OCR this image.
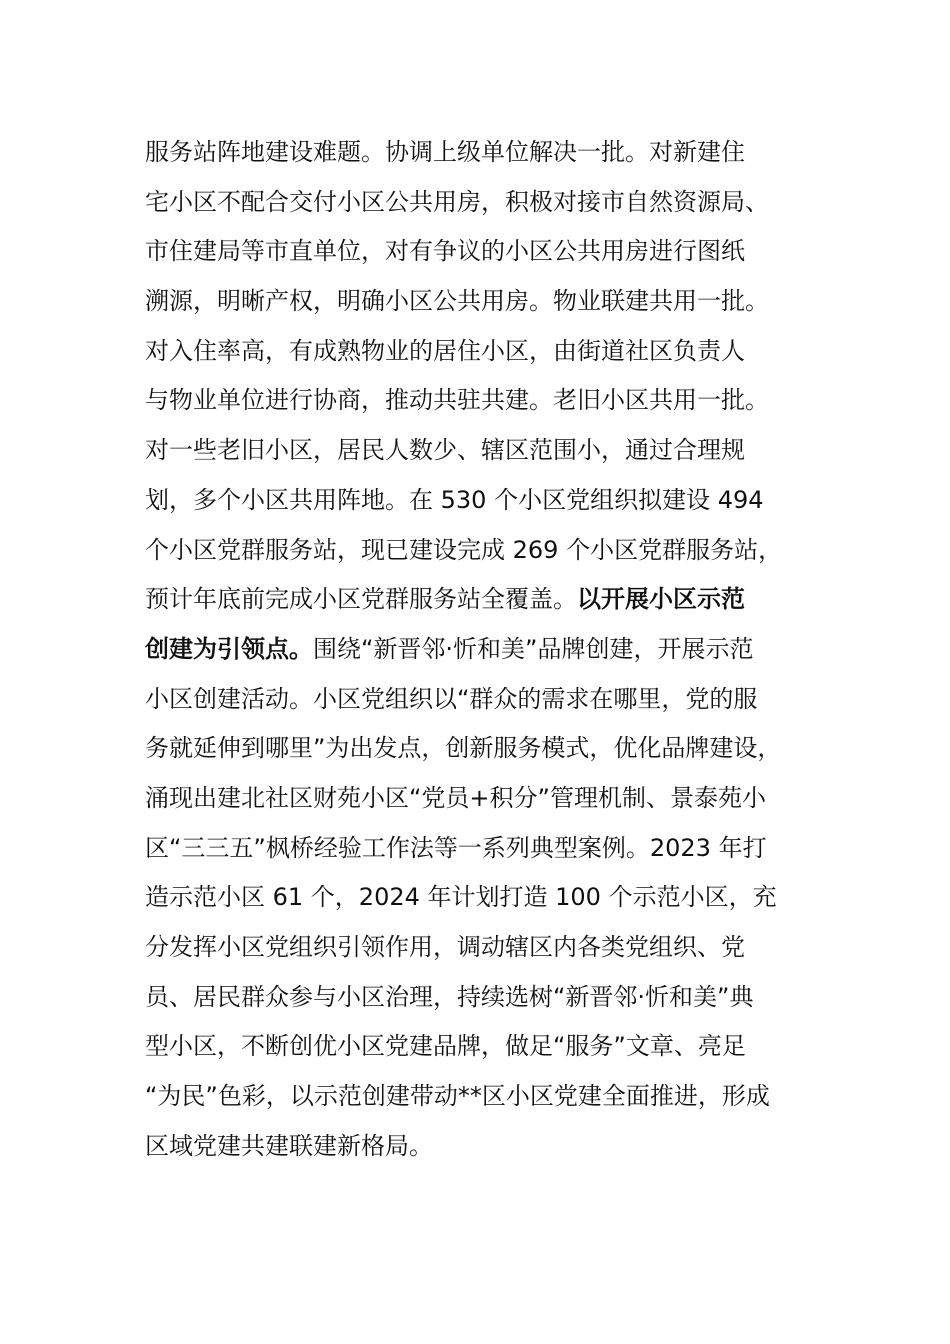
服务站阵地建设难题。协调上级单位解决一批。对新建住
宅小区不配合交付小区公共用房，积极对接市自然资源局、
市住建局等市直单位，对有争议的小区公共用房进行图纸
溯源，明晰产权，明确小区公共用房。物业联建共用一批。
对入住率高，有成熟物业的居住小区，由街道社区负责人
与物业单位进行协商，推动共驻共建。老旧小区共用一批。
对一些老旧小区，居民人数少、辖区范围小，通过合理规
划，多个小区共用阵地。在 530 个小区党组织拟建设 494
个小区党群服务站，现已建设完成 269 个小区党群服务站，
预计年底前完成小区党群服务站全覆盖。以开展小区示范
创建为引领点。围绕“新晋邻·忻和美”品牌创建，开展示范
小区创建活动。小区党组织以“群众的需求在哪里，党的服
务就延伸到哪里”为出发点，创新服务模式，优化品牌建设，
涌现出建北社区财苑小区“党员+积分”管理机制、景泰苑小
区“三三五”枫桥经验工作法等一系列典型案例。2023 年打
造示范小区 61 个，2024 年计划打造 100 个示范小区，充
分发挥小区党组织引领作用，调动辖区内各类党组织、党
员、居民群众参与小区治理，持续选树“新晋邻·忻和美”典
型小区，不断创优小区党建品牌，做足“服务”文章、亮足
“为民”色彩，以示范创建带动**区小区党建全面推进，形成
区域党建共建联建新格局。
